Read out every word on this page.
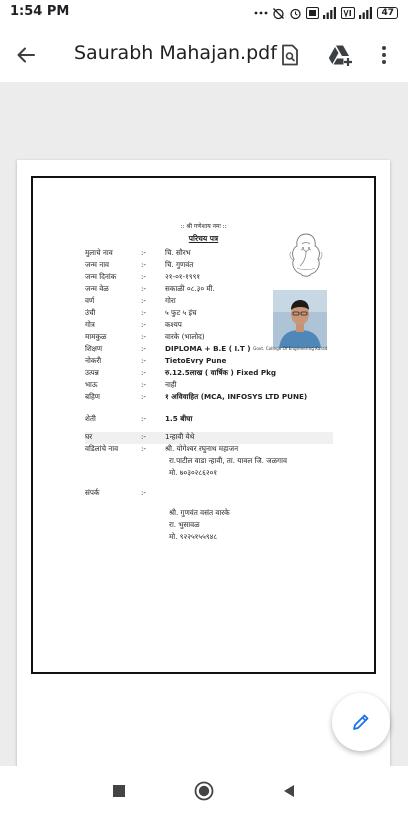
1:54 PM	47
Saurabh Mahajan.pdf
:: श्री गणेशाय नमः ::
परिचय पत्र
मुलाचे नाव	:-	चि. सौरभ
जन्म नाव	:-	चि. गुणवंत
जन्म दिनांक	:-	२१-०१-१९९१
जन्म वेळ	:-	सकाळी ०८.३० मी.
वर्ण	:-	गोरा
उंची	:-	५ फुट ५ इंच
गोत्र	:-	कश्यप
मामकुळ	:-	वारके (भालोद)
शिक्षण	:-	DIPLOMA + B.E ( I.T ) Govt. College Of Engineering Karad
नोकरी	:-	TietoEvry Pune
उत्पन्न	:-	रु.12.5लाख ( वार्षिक ) Fixed Pkg
भाऊ	:-	नाही
बहिण	:-	१ अविवाहित (MCA, INFOSYS LTD PUNE)
शेती	:-	1.5 बीघा
घर	:-	1न्हावी येथे
वडिलांचे नाव	:-	श्री. योगेश्वर रघुनाथ महाजन
रा.पाटील वाडा न्हावी, ता. यावल जि. जळगाव
मो. ७०३०२८६२०१
संपर्क	:-
श्री. गुणवंत वसंत वारके
रा. भुसावळ
मो. ९२२५१५५९४८
